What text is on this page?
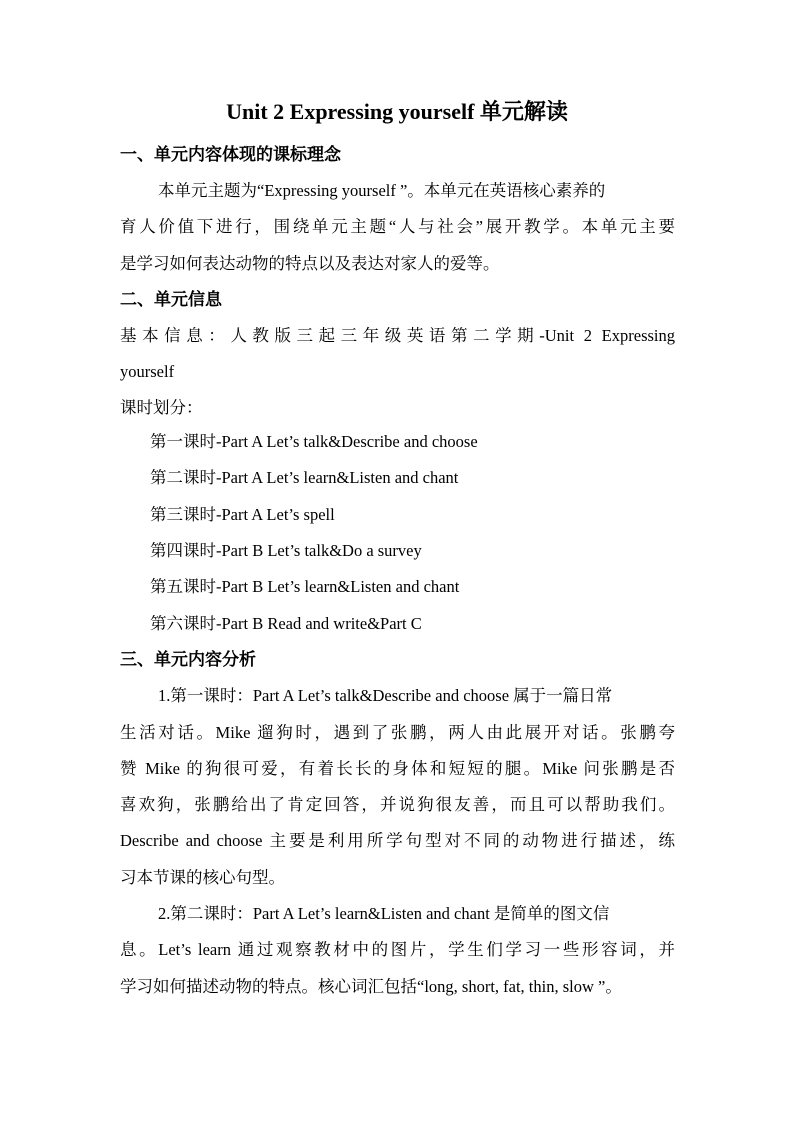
Unit 2 Expressing yourself 单元解读
一、单元内容体现的课标理念

本单元主题为“Expressing yourself ”。本单元在英语核心素养的

育人价值下进行，围绕单元主题“人与社会”展开教学。本单元主要

是学习如何表达动物的特点以及表达对家人的爱等。

二、单元信息

基本信息：人教版三起三年级英语第二学期-Unit 2 Expressing

yourself

课时划分：

第一课时-Part A Let’s talk&Describe and choose

第二课时-Part A Let’s learn&Listen and chant

第三课时-Part A Let’s spell

第四课时-Part B Let’s talk&Do a survey

第五课时-Part B Let’s learn&Listen and chant

第六课时-Part B Read and write&Part C

三、单元内容分析

1.第一课时：Part A Let’s talk&Describe and choose 属于一篇日常

生活对话。Mike 遛狗时，遇到了张鹏，两人由此展开对话。张鹏夸

赞 Mike 的狗很可爱，有着长长的身体和短短的腿。Mike 问张鹏是否

喜欢狗，张鹏给出了肯定回答，并说狗很友善，而且可以帮助我们。

Describe and choose 主要是利用所学句型对不同的动物进行描述，练

习本节课的核心句型。

2.第二课时：Part A Let’s learn&Listen and chant 是简单的图文信

息。Let’s learn 通过观察教材中的图片，学生们学习一些形容词，并

学习如何描述动物的特点。核心词汇包括“long, short, fat, thin, slow ”。
